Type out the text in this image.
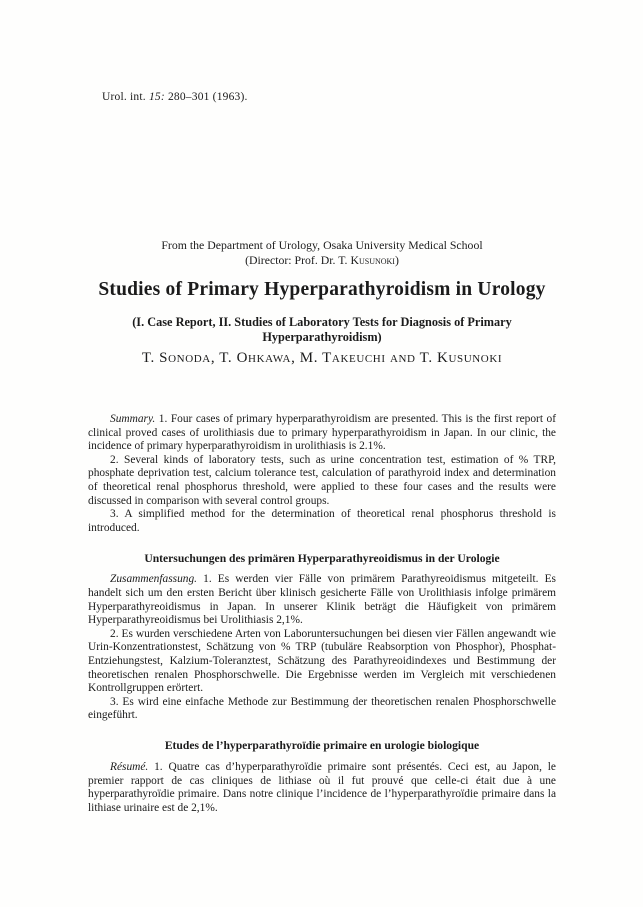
Urol. int. 15: 280–301 (1963).

From the Department of Urology, Osaka University Medical School
(Director: Prof. Dr. T. Kusunoki)
Studies of Primary Hyperparathyroidism in Urology
(I. Case Report, II. Studies of Laboratory Tests for Diagnosis of Primary Hyperparathyroidism)
T. Sonoda, T. Ohkawa, M. Takeuchi and T. Kusunoki

Summary. 1. Four cases of primary hyperparathyroidism are presented. This is the first report of clinical proved cases of urolithiasis due to primary hyperparathyroidism in Japan. In our clinic, the incidence of primary hyperparathyroidism in urolithiasis is 2.1%.

2. Several kinds of laboratory tests, such as urine concentration test, estimation of % TRP, phosphate deprivation test, calcium tolerance test, calculation of parathyroid index and determination of theoretical renal phosphorus threshold, were applied to these four cases and the results were discussed in comparison with several control groups.

3. A simplified method for the determination of theoretical renal phosphorus threshold is introduced.

Untersuchungen des primären Hyperparathyreoidismus in der Urologie

Zusammenfassung. 1. Es werden vier Fälle von primärem Parathyreoidismus mitgeteilt. Es handelt sich um den ersten Bericht über klinisch gesicherte Fälle von Urolithiasis infolge primärem Hyperparathyreoidismus in Japan. In unserer Klinik beträgt die Häufigkeit von primärem Hyperparathyreoidismus bei Urolithiasis 2,1%.

2. Es wurden verschiedene Arten von Laboruntersuchungen bei diesen vier Fällen angewandt wie Urin-Konzentrationstest, Schätzung von % TRP (tubuläre Reabsorption von Phosphor), Phosphat-Entziehungstest, Kalzium-Toleranztest, Schätzung des Parathyreoidindexes und Bestimmung der theoretischen renalen Phosphorschwelle. Die Ergebnisse werden im Vergleich mit verschiedenen Kontrollgruppen erörtert.

3. Es wird eine einfache Methode zur Bestimmung der theoretischen renalen Phosphorschwelle eingeführt.

Etudes de l’hyperparathyroïdie primaire en urologie biologique

Résumé. 1. Quatre cas d’hyperparathyroïdie primaire sont présentés. Ceci est, au Japon, le premier rapport de cas cliniques de lithiase où il fut prouvé que celle-ci était due à une hyperparathyroïdie primaire. Dans notre clinique l’incidence de l’hyperparathyroïdie primaire dans la lithiase urinaire est de 2,1%.
